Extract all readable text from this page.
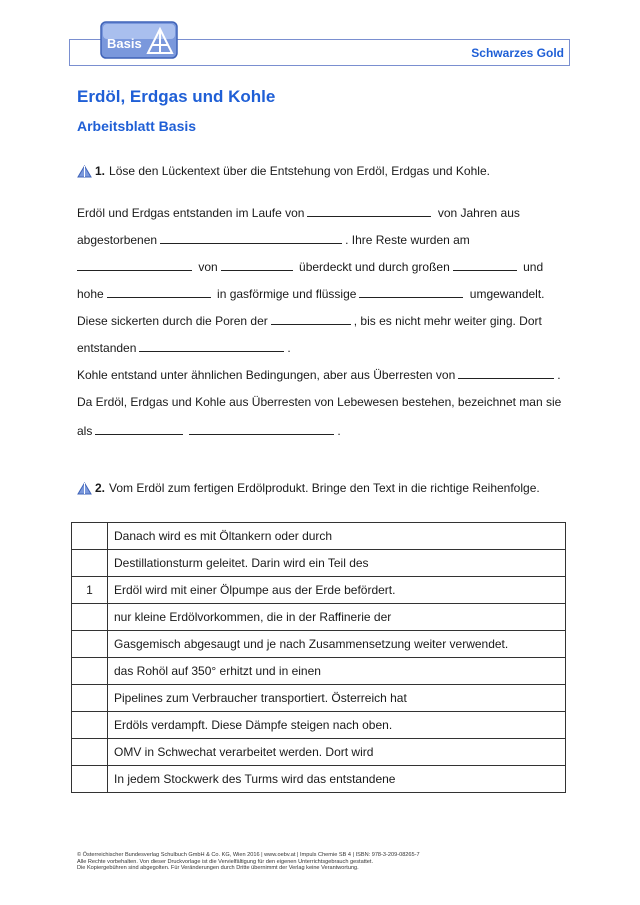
Basis
Schwarzes Gold
Erdöl, Erdgas und Kohle
Arbeitsblatt Basis
1. Löse den Lückentext über die Entstehung von Erdöl, Erdgas und Kohle.
Erdöl und Erdgas entstanden im Laufe von	von Jahren aus
abgestorbenen	. Ihre Reste wurden am
von	überdeckt und durch großen	und
hohe	in gasförmige und flüssige	umgewandelt.
Diese sickerten durch die Poren der	, bis es nicht mehr weiter ging. Dort
entstanden	.
Kohle entstand unter ähnlichen Bedingungen, aber aus Überresten von	.
Da Erdöl, Erdgas und Kohle aus Überresten von Lebewesen bestehen, bezeichnet man sie
als	.
2. Vom Erdöl zum fertigen Erdölprodukt. Bringe den Text in die richtige Reihenfolge.
	Danach wird es mit Öltankern oder durch
	Destillationsturm geleitet. Darin wird ein Teil des
1	Erdöl wird mit einer Ölpumpe aus der Erde befördert.
	nur kleine Erdölvorkommen, die in der Raffinerie der
	Gasgemisch abgesaugt und je nach Zusammensetzung weiter verwendet.
	das Rohöl auf 350° erhitzt und in einen
	Pipelines zum Verbraucher transportiert. Österreich hat
	Erdöls verdampft. Diese Dämpfe steigen nach oben.
	OMV in Schwechat verarbeitet werden. Dort wird
	In jedem Stockwerk des Turms wird das entstandene
© Österreichischer Bundesverlag Schulbuch GmbH & Co. KG, Wien 2016 | www.oebv.at | Impuls Chemie SB 4 | ISBN: 978-3-209-08265-7
Alle Rechte vorbehalten. Von dieser Druckvorlage ist die Vervielfältigung für den eigenen Unterrichtsgebrauch gestattet.
Die Kopiergebühren sind abgegolten. Für Veränderungen durch Dritte übernimmt der Verlag keine Verantwortung.
